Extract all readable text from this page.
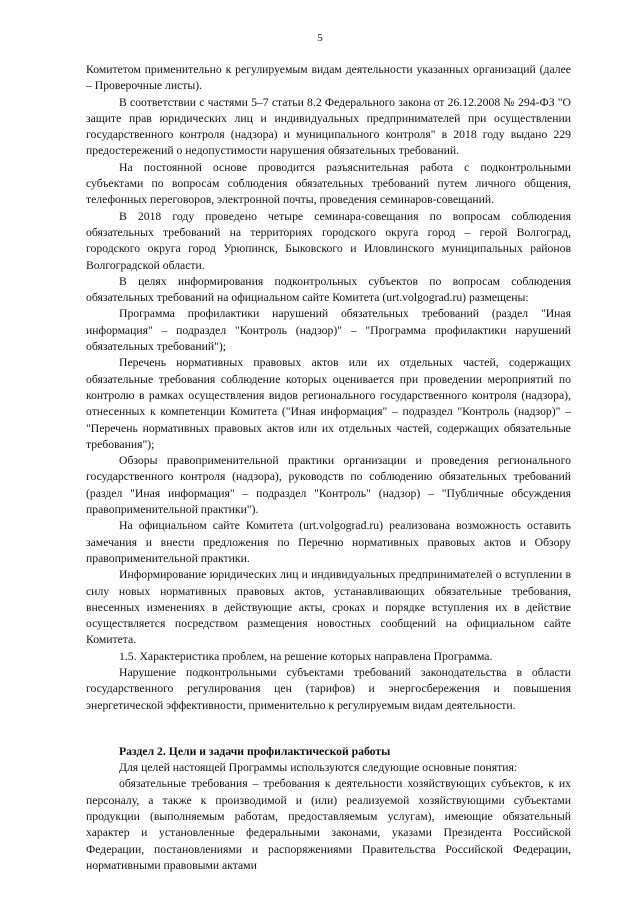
5

Комитетом применительно к регулируемым видам деятельности указанных организаций (далее – Проверочные листы).

В соответствии с частями 5–7 статьи 8.2 Федерального закона от 26.12.2008 № 294-ФЗ "О защите прав юридических лиц и индивидуальных предпринимателей при осуществлении государственного контроля (надзора) и муниципального контроля" в 2018 году выдано 229 предостережений о недопустимости нарушения обязательных требований.

На постоянной основе проводится разъяснительная работа с подконтрольными субъектами по вопросам соблюдения обязательных требований путем личного общения, телефонных переговоров, электронной почты, проведения семинаров-совещаний.

В 2018 году проведено четыре семинара-совещания по вопросам соблюдения обязательных требований на территориях городского округа город – герой Волгоград, городского округа город Урюпинск, Быковского и Иловлинского муниципальных районов Волгоградской области.

В целях информирования подконтрольных субъектов по вопросам соблюдения обязательных требований на официальном сайте Комитета (urt.volgograd.ru) размещены:

Программа профилактики нарушений обязательных требований (раздел "Иная информация" – подраздел "Контроль (надзор)" – "Программа профилактики нарушений обязательных требований");

Перечень нормативных правовых актов или их отдельных частей, содержащих обязательные требования соблюдение которых оценивается при проведении мероприятий по контролю в рамках осуществления видов регионального государственного контроля (надзора), отнесенных к компетенции Комитета ("Иная информация" – подраздел "Контроль (надзор)" – "Перечень нормативных правовых актов или их отдельных частей, содержащих обязательные требования");

Обзоры правоприменительной практики организации и проведения регионального государственного контроля (надзора), руководств по соблюдению обязательных требований (раздел "Иная информация" – подраздел "Контроль" (надзор) – "Публичные обсуждения правоприменительной практики").

На официальном сайте Комитета (urt.volgograd.ru) реализована возможность оставить замечания и внести предложения по Перечню нормативных правовых актов и Обзору правоприменительной практики.

Информирование юридических лиц и индивидуальных предпринимателей о вступлении в силу новых нормативных правовых актов, устанавливающих обязательные требования, внесенных изменениях в действующие акты, сроках и порядке вступления их в действие осуществляется посредством размещения новостных сообщений на официальном сайте Комитета.

1.5. Характеристика проблем, на решение которых направлена Программа.

Нарушение подконтрольными субъектами требований законодательства в области государственного регулирования цен (тарифов) и энергосбережения и повышения энергетической эффективности, применительно к регулируемым видам деятельности.

Раздел 2. Цели и задачи профилактической работы

Для целей настоящей Программы используются следующие основные понятия:

обязательные требования – требования к деятельности хозяйствующих субъектов, к их персоналу, а также к производимой и (или) реализуемой хозяйствующими субъектами продукции (выполняемым работам, предоставляемым услугам), имеющие обязательный характер и установленные федеральными законами, указами Президента Российской Федерации, постановлениями и распоряжениями Правительства Российской Федерации, нормативными правовыми актами
